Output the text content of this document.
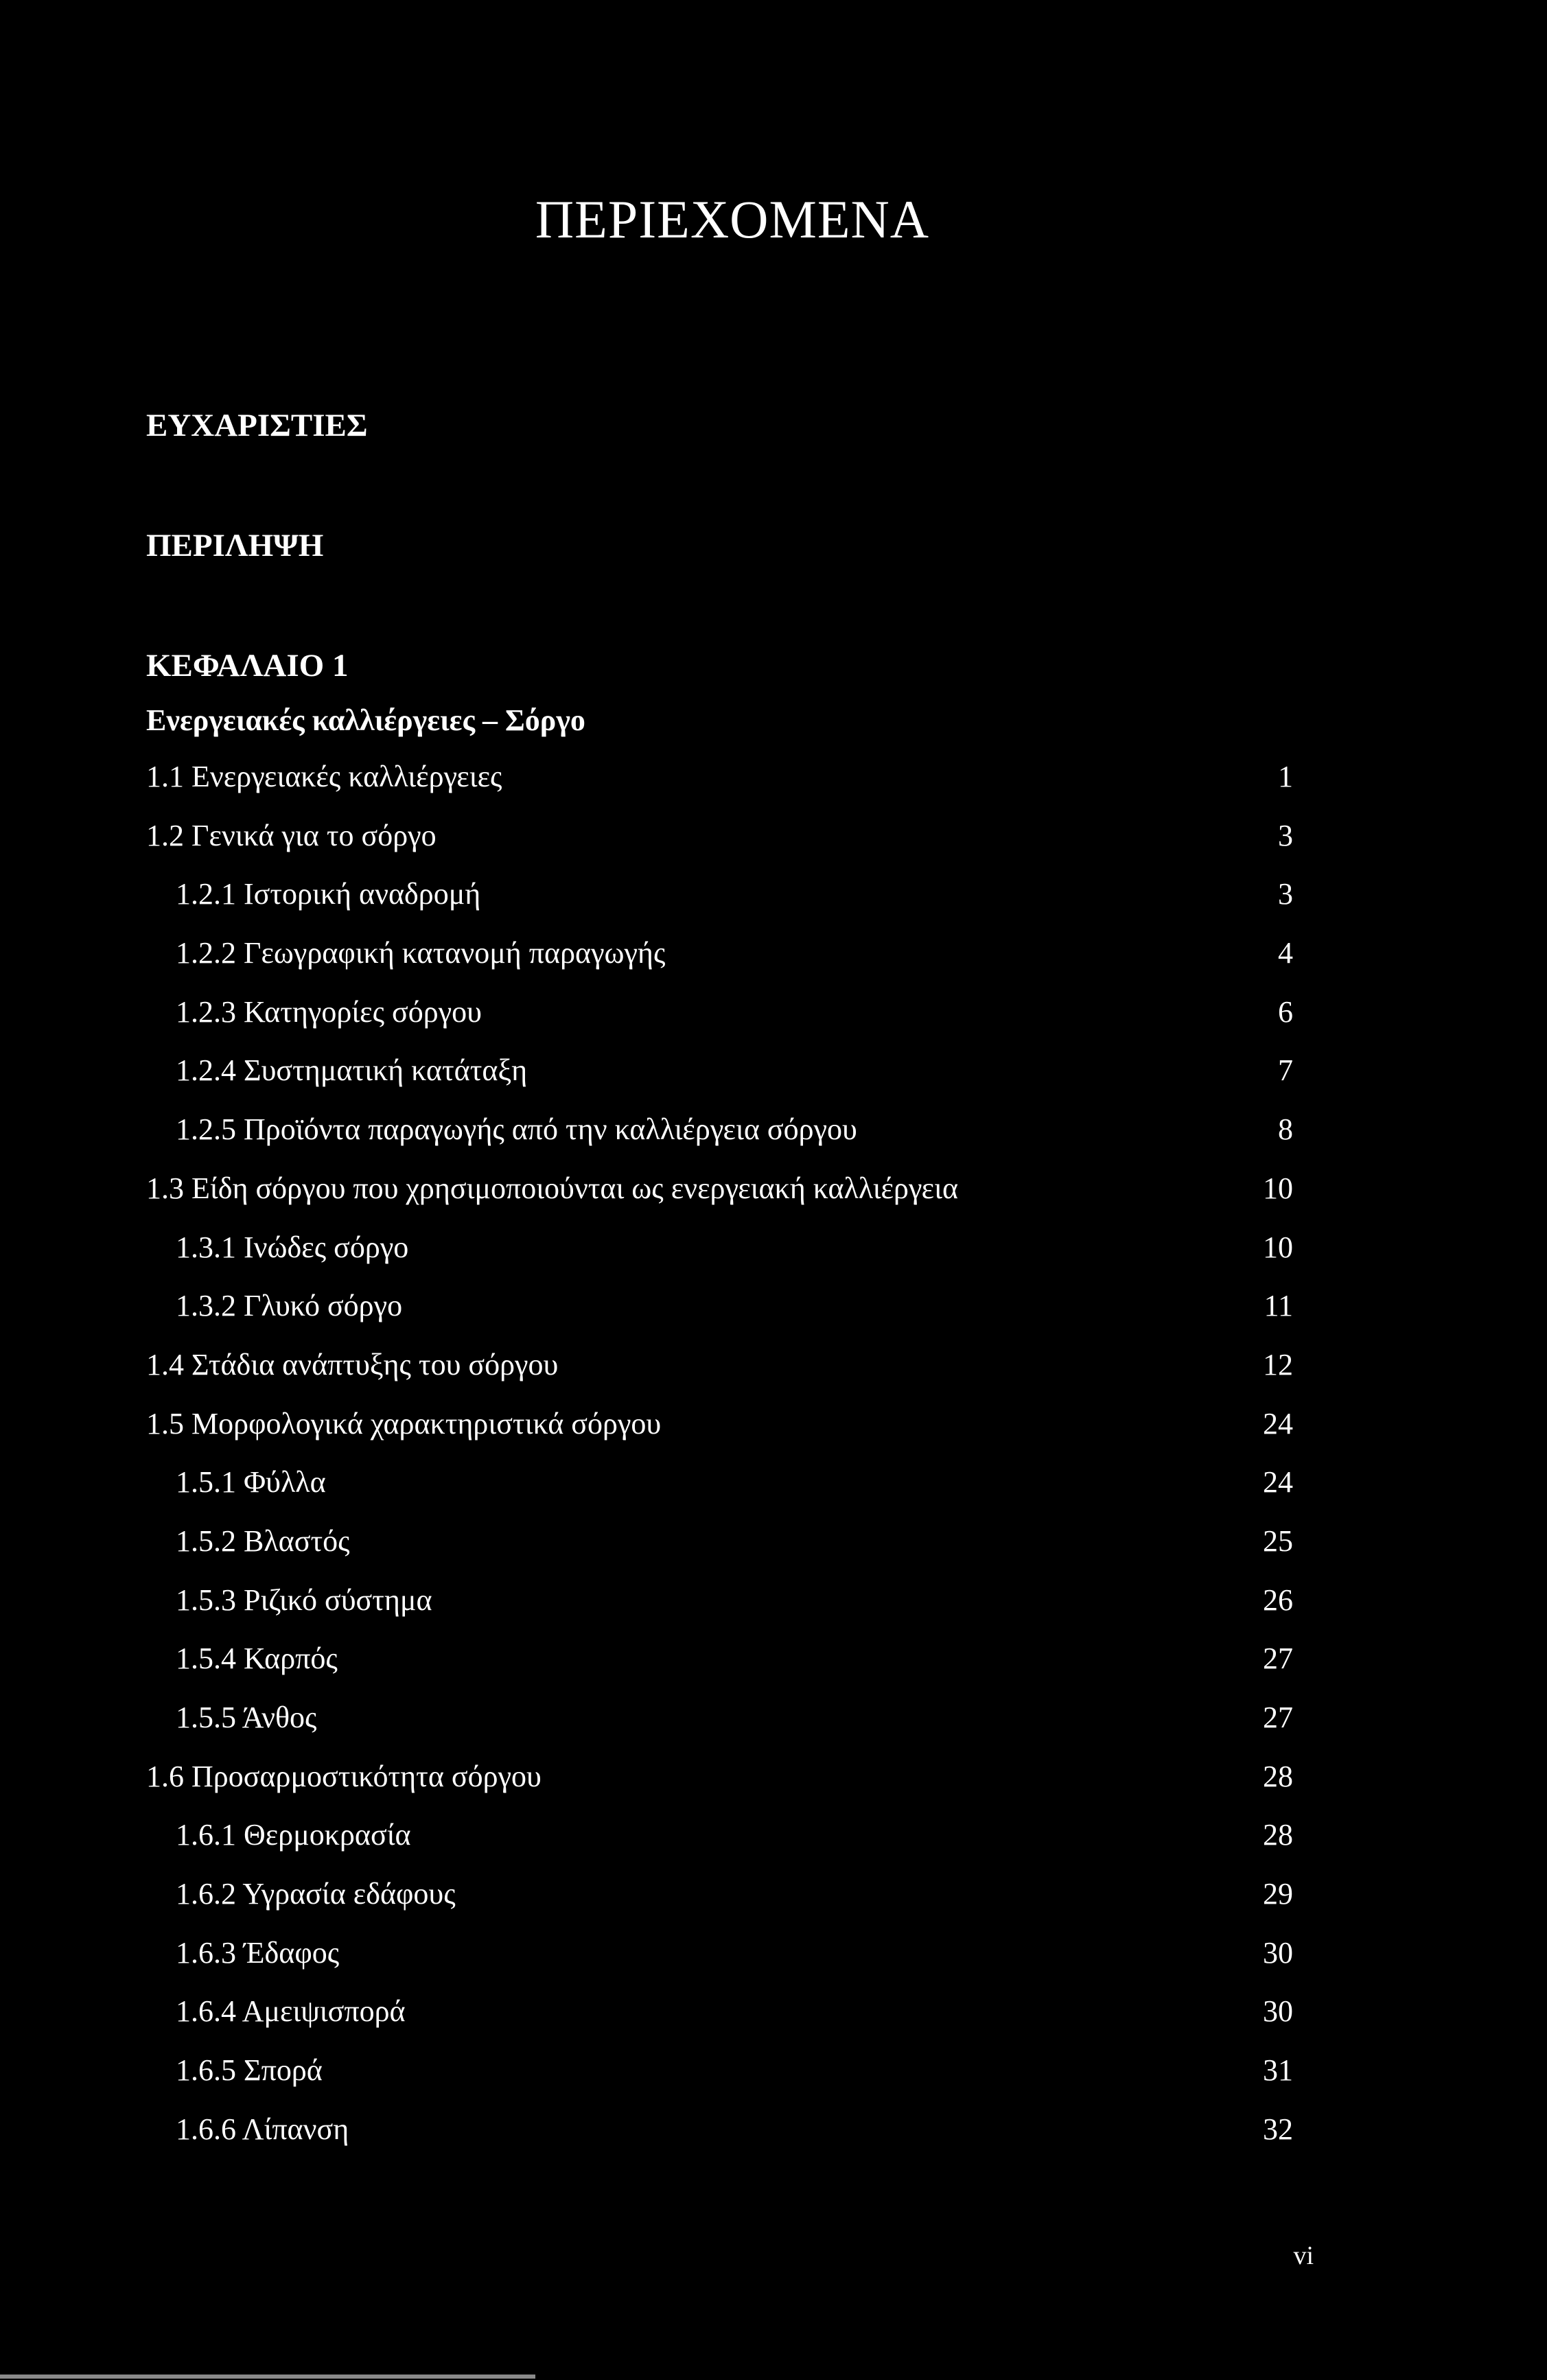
ΠΕΡΙΕΧΟΜΕΝΑ
ΕΥΧΑΡΙΣΤΙΕΣ
ΠΕΡΙΛΗΨΗ
ΚΕΦΑΛΑΙΟ 1
Ενεργειακές καλλιέργειες – Σόργο
1.1 Ενεργειακές καλλιέργειες	1
1.2 Γενικά για το σόργο	3
1.2.1 Ιστορική αναδρομή	3
1.2.2 Γεωγραφική κατανομή παραγωγής	4
1.2.3 Κατηγορίες σόργου	6
1.2.4 Συστηματική κατάταξη	7
1.2.5 Προϊόντα παραγωγής από την καλλιέργεια σόργου	8
1.3 Είδη σόργου που χρησιμοποιούνται ως ενεργειακή καλλιέργεια	10
1.3.1 Ινώδες σόργο	10
1.3.2 Γλυκό σόργο	11
1.4 Στάδια ανάπτυξης του σόργου	12
1.5 Μορφολογικά χαρακτηριστικά σόργου	24
1.5.1 Φύλλα	24
1.5.2 Βλαστός	25
1.5.3 Ριζικό σύστημα	26
1.5.4 Καρπός	27
1.5.5 Άνθος	27
1.6 Προσαρμοστικότητα σόργου	28
1.6.1 Θερμοκρασία	28
1.6.2 Υγρασία εδάφους	29
1.6.3 Έδαφος	30
1.6.4 Αμειψισπορά	30
1.6.5 Σπορά	31
1.6.6 Λίπανση	32
vi
